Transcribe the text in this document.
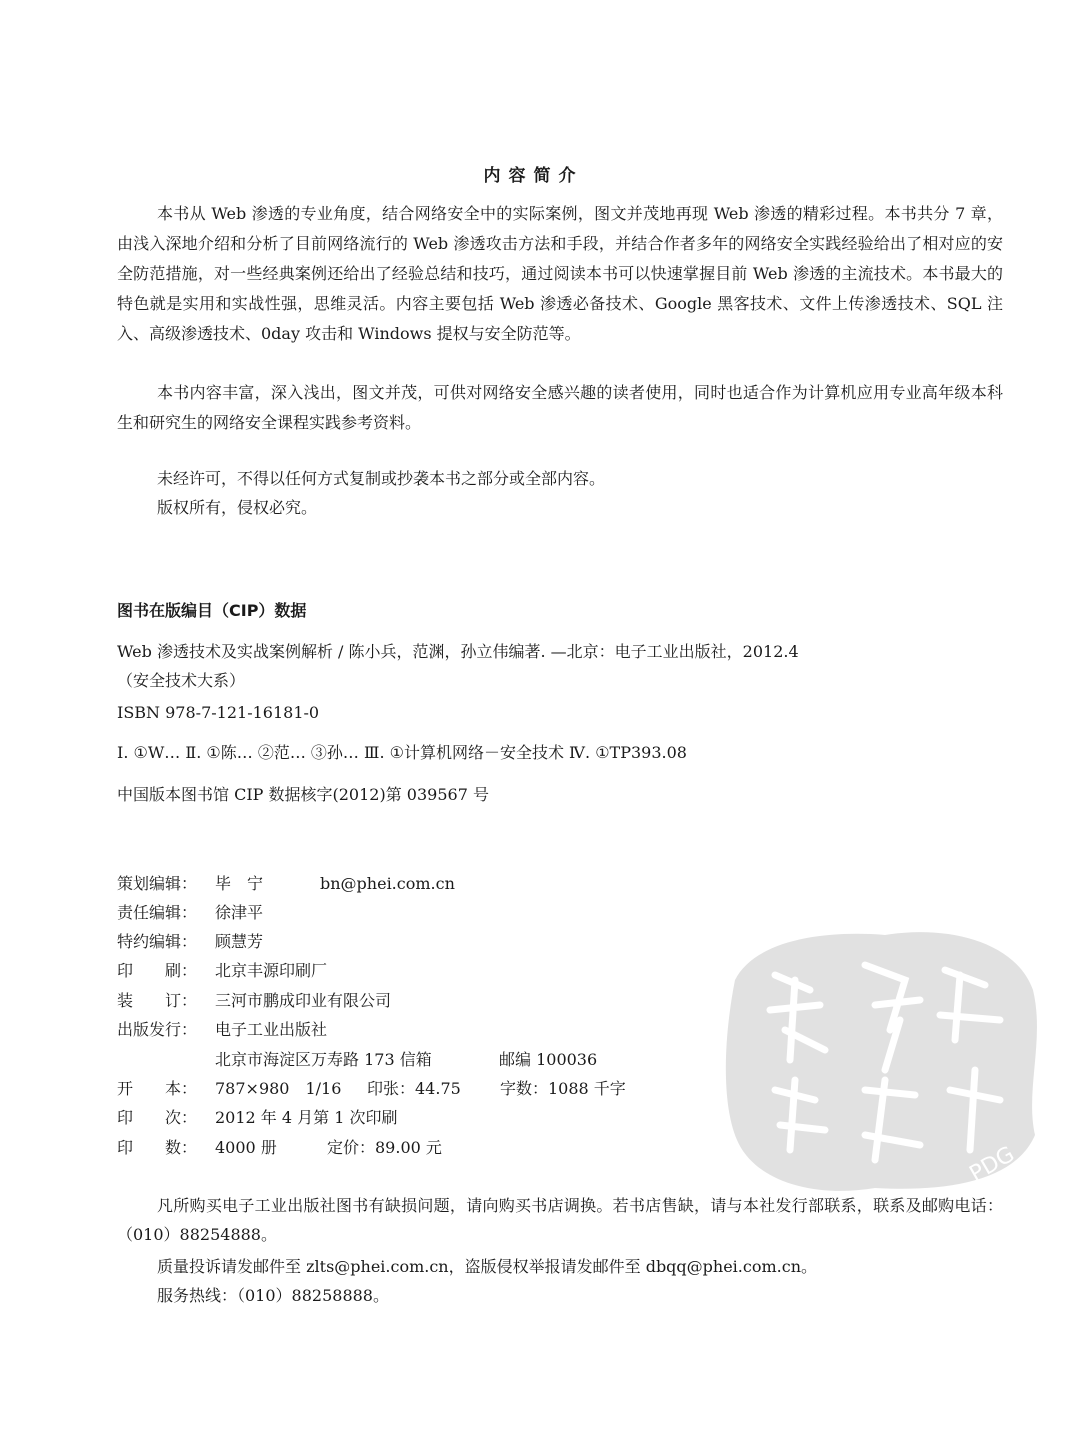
内容简介
本书从 Web 渗透的专业角度，结合网络安全中的实际案例，图文并茂地再现 Web 渗透的精彩过程。本书共分 7 章，由浅入深地介绍和分析了目前网络流行的 Web 渗透攻击方法和手段，并结合作者多年的网络安全实践经验给出了相对应的安全防范措施，对一些经典案例还给出了经验总结和技巧，通过阅读本书可以快速掌握目前 Web 渗透的主流技术。本书最大的特色就是实用和实战性强，思维灵活。内容主要包括 Web 渗透必备技术、Google 黑客技术、文件上传渗透技术、SQL 注入、高级渗透技术、0day 攻击和 Windows 提权与安全防范等。
本书内容丰富，深入浅出，图文并茂，可供对网络安全感兴趣的读者使用，同时也适合作为计算机应用专业高年级本科生和研究生的网络安全课程实践参考资料。
未经许可，不得以任何方式复制或抄袭本书之部分或全部内容。
版权所有，侵权必究。
图书在版编目（CIP）数据
Web 渗透技术及实战案例解析 / 陈小兵，范渊，孙立伟编著. —北京：电子工业出版社，2012.4
（安全技术大系）
ISBN 978-7-121-16181-0
Ⅰ. ①W… Ⅱ. ①陈… ②范… ③孙… Ⅲ. ①计算机网络－安全技术 Ⅳ. ①TP393.08
中国版本图书馆 CIP 数据核字(2012)第 039567 号
策划编辑： 毕　宁	bn@phei.com.cn
责任编辑： 徐津平
特约编辑： 顾慧芳
印　　刷： 北京丰源印刷厂
装　　订： 三河市鹏成印业有限公司
出版发行： 电子工业出版社
北京市海淀区万寿路 173 信箱	邮编 100036
开　　本： 787×980　1/16 印张：44.75 字数：1088 千字
印　　次： 2012 年 4 月第 1 次印刷
印　　数： 4000 册	定价：89.00 元
凡所购买电子工业出版社图书有缺损问题，请向购买书店调换。若书店售缺，请与本社发行部联系，联系及邮购电话：（010）88254888。
质量投诉请发邮件至 zlts@phei.com.cn，盗版侵权举报请发邮件至 dbqq@phei.com.cn。
服务热线：（010）88258888。
PDG
